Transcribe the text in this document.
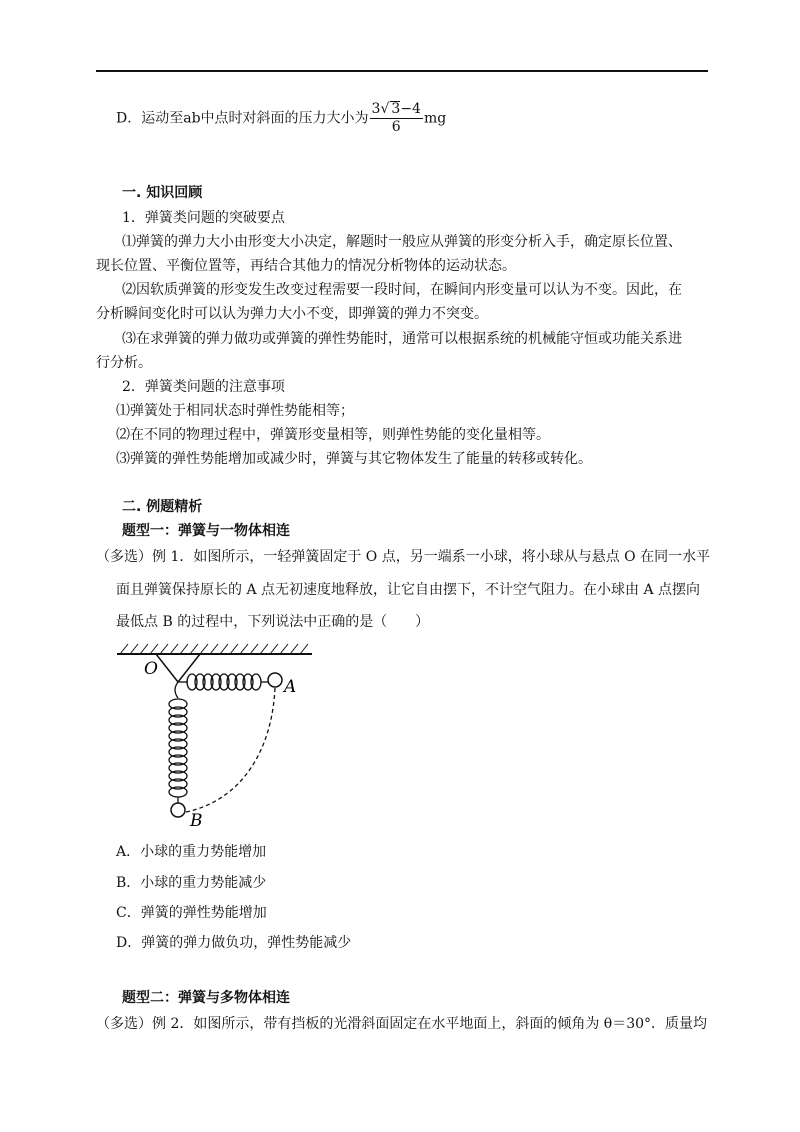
D．运动至ab中点时对斜面的压力大小为 $\frac{3√ 3-4}{6}$ mg
一. 知识回顾
1．弹簧类问题的突破要点
⑴弹簧的弹力大小由形变大小决定，解题时一般应从弹簧的形变分析入手，确定原长位置、
现长位置、平衡位置等，再结合其他力的情况分析物体的运动状态。
⑵因软质弹簧的形变发生改变过程需要一段时间，在瞬间内形变量可以认为不变。因此，在
分析瞬间变化时可以认为弹力大小不变，即弹簧的弹力不突变。
⑶在求弹簧的弹力做功或弹簧的弹性势能时，通常可以根据系统的机械能守恒或功能关系进
行分析。
2．弹簧类问题的注意事项
⑴弹簧处于相同状态时弹性势能相等；
⑵在不同的物理过程中，弹簧形变量相等，则弹性势能的变化量相等。
⑶弹簧的弹性势能增加或减少时，弹簧与其它物体发生了能量的转移或转化。
二. 例题精析
题型一：弹簧与一物体相连
（多选）例 1．如图所示，一轻弹簧固定于 O 点，另一端系一小球，将小球从与悬点 O 在同一水平
面且弹簧保持原长的 A 点无初速度地释放，让它自由摆下，不计空气阻力。在小球由 A 点摆向
最低点 B 的过程中，下列说法中正确的是（　　）
O
A
B
A．小球的重力势能增加
B．小球的重力势能减少
C．弹簧的弹性势能增加
D．弹簧的弹力做负功，弹性势能减少
题型二：弹簧与多物体相连
（多选）例 2．如图所示，带有挡板的光滑斜面固定在水平地面上，斜面的倾角为 θ＝30°．质量均
